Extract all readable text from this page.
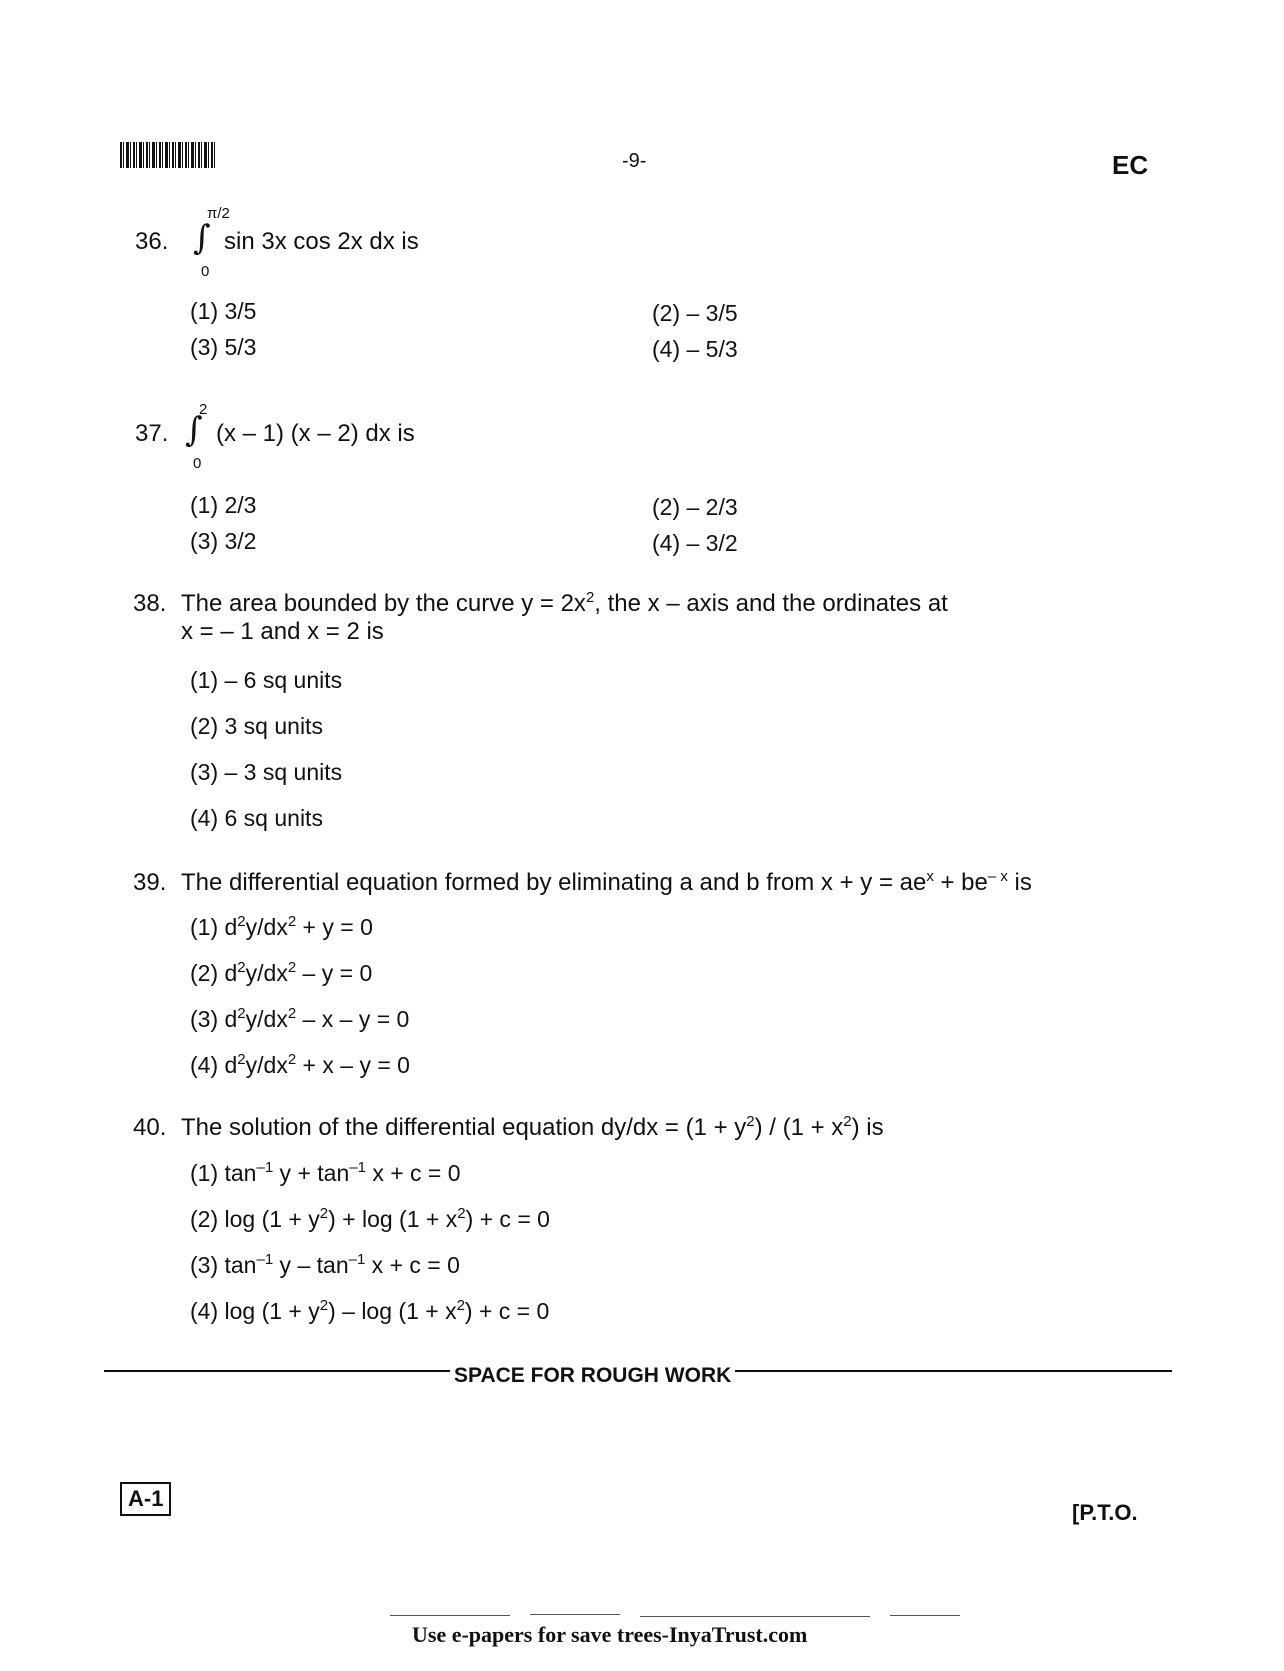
-9-	EC
36.
π/2
∫
0
sin 3x cos 2x dx is
(1) 3/5	(2) – 3/5
(3) 5/3	(4) – 5/3
37.
2
∫
0
(x – 1) (x – 2) dx is
(1) 2/3	(2) – 2/3
(3) 3/2	(4) – 3/2
38. The area bounded by the curve $y = 2x^2$, the x – axis and the ordinates at
x = – 1 and x = 2 is
(1) – 6 sq units
(2) 3 sq units
(3) – 3 sq units
(4) 6 sq units
39. The differential equation formed by eliminating a and b from $x + y = ae^x + be^{- x}$ is
(1) $d^2y/dx^2 + y = 0$
(2) $d^2y/dx^2 - y = 0$
(3) $d^2y/dx^2 - x - y = 0$
(4) $d^2y/dx^2 + x - y = 0$
40. The solution of the differential equation $dy/dx = (1 + y^2) / (1 + x^2)$ is
(1) $\tan^{-1} y + \tan^{-1} x + c = 0$
(2) $\log (1 + y^2) + \log (1 + x^2) + c = 0$
(3) $\tan^{-1} y - \tan^{-1} x + c = 0$
(4) $\log (1 + y^2) - \log (1 + x^2) + c = 0$
SPACE FOR ROUGH WORK
A-1
[P.T.O.
Use e-papers for save trees-InyaTrust.com
